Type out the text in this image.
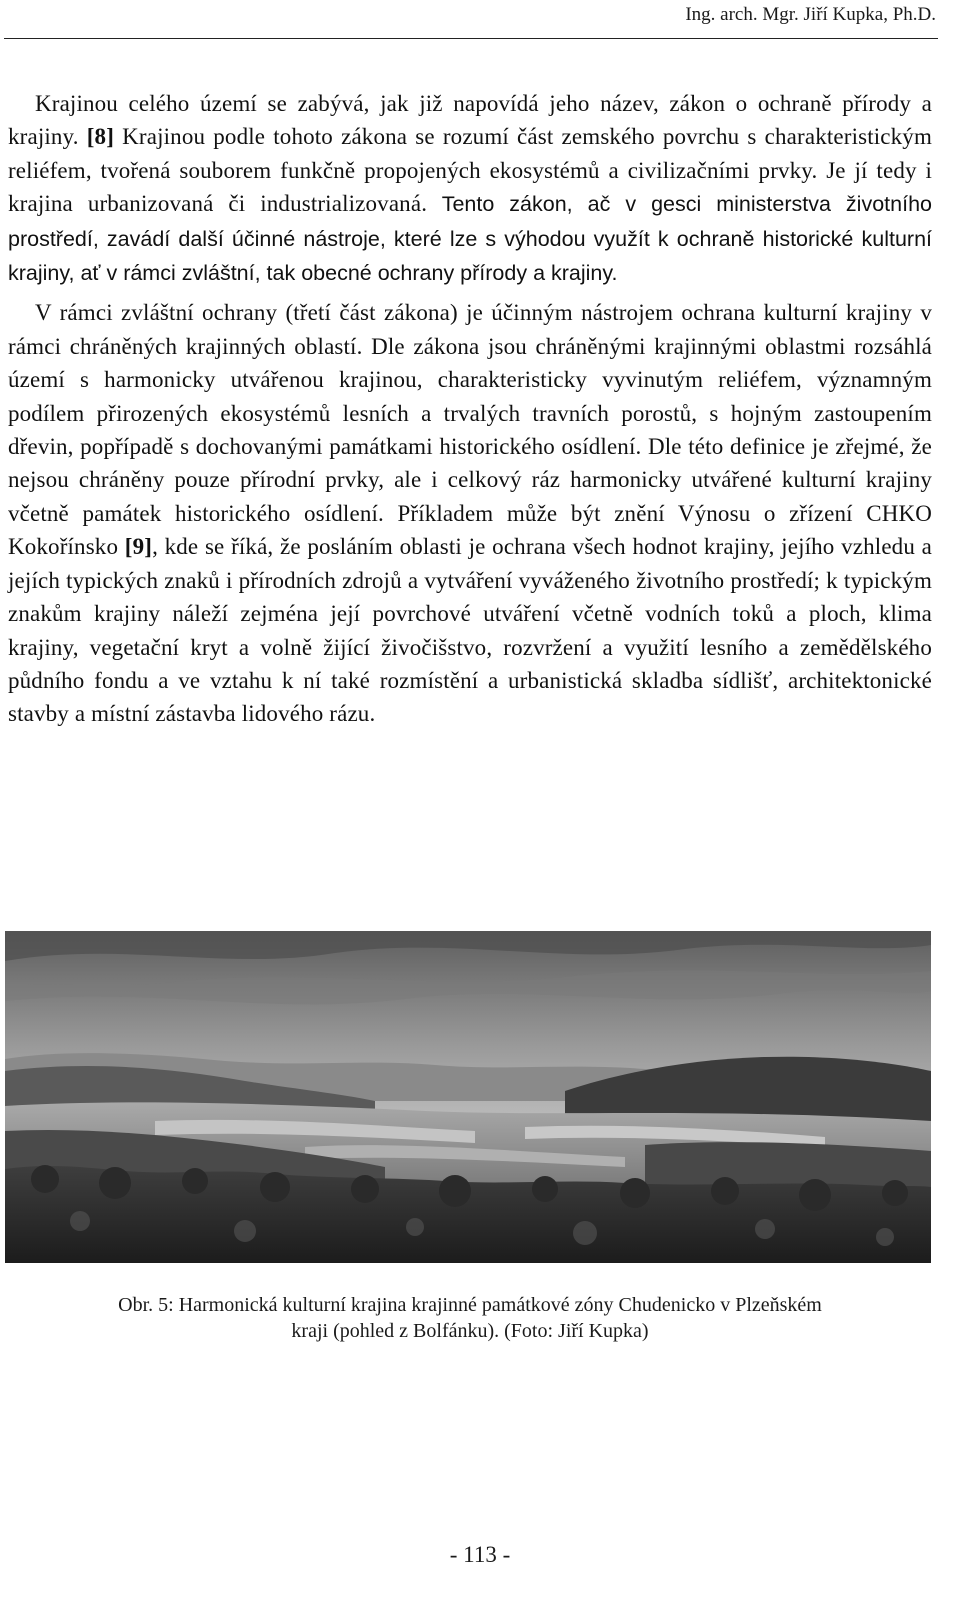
Ing. arch. Mgr. Jiří Kupka, Ph.D.

Krajinou celého území se zabývá, jak již napovídá jeho název, zákon o ochraně přírody a krajiny. [8] Krajinou podle tohoto zákona se rozumí část zemského povrchu s charakteristickým reliéfem, tvořená souborem funkčně propojených ekosystémů a civilizačními prvky. Je jí tedy i krajina urbanizovaná či industrializovaná. Tento zákon, ač v gesci ministerstva životního prostředí, zavádí další účinné nástroje, které lze s výhodou využít k ochraně historické kulturní krajiny, ať v rámci zvláštní, tak obecné ochrany přírody a krajiny.

V rámci zvláštní ochrany (třetí část zákona) je účinným nástrojem ochrana kulturní krajiny v rámci chráněných krajinných oblastí. Dle zákona jsou chráněnými krajinnými oblastmi rozsáhlá území s harmonicky utvářenou krajinou, charakteristicky vyvinutým reliéfem, významným podílem přirozených ekosystémů lesních a trvalých travních porostů, s hojným zastoupením dřevin, popřípadě s dochovanými památkami historického osídlení. Dle této definice je zřejmé, že nejsou chráněny pouze přírodní prvky, ale i celkový ráz harmonicky utvářené kulturní krajiny včetně památek historického osídlení. Příkladem může být znění Výnosu o zřízení CHKO Kokořínsko [9], kde se říká, že posláním oblasti je ochrana všech hodnot krajiny, jejího vzhledu a jejích typických znaků i přírodních zdrojů a vytváření vyváženého životního prostředí; k typickým znakům krajiny náleží zejména její povrchové utváření včetně vodních toků a ploch, klima krajiny, vegetační kryt a volně žijící živočišstvo, rozvržení a využití lesního a zemědělského půdního fondu a ve vztahu k ní také rozmístění a urbanistická skladba sídlišť, architektonické stavby a místní zástavba lidového rázu.

Obr. 5: Harmonická kulturní krajina krajinné památkové zóny Chudenicko v Plzeňském
kraji (pohled z Bolfánku). (Foto: Jiří Kupka)
- 113 -
